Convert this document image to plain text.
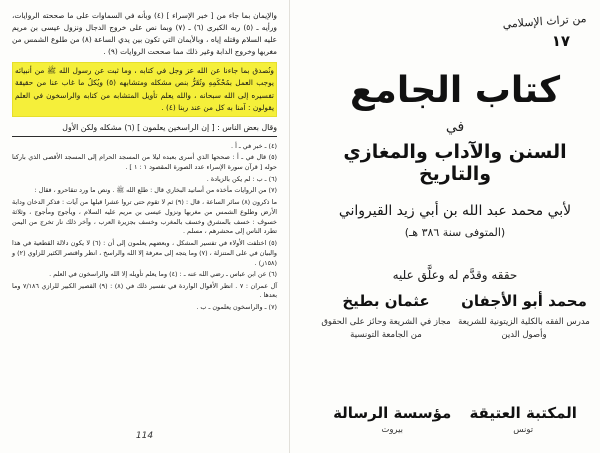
من تراث الإسلامي
١٧
كتاب الجامع
في
السنن والآداب والمغازي والتاريخ
لأبي محمد عبد الله بن أبي زيد القيرواني
(المتوفى سنة ٣٨٦ هـ)
حققه وقدَّم له وعلَّق عليه
محمد أبو الأجفان
مدرس الفقه بالكلية الزيتونية للشريعة وأصول الدين
عثمان بطيخ
مجاز في الشريعة وحائز على الحقوق من الجامعة التونسية
المكتبة العتيقة
تونس
مؤسسة الرسالة
بيروت

والإيمان بما جاء من [ خبر الإسراء ] (٤) وبأنه في السماوات على ما صححته الروايات، ورأيه ـ (٥) ربه الكبرى (٦) ـ (٧) وبما نص على خروج الدجال ونزول عيسى بن مريم عليه السلام وقتله إياه ، وبالأيمان التي تكون بين يدي الساعة (٨) من طلوع الشمس من مغربها وخروج الدابة وغير ذلك مما صححت الروايات (٩) .

ونُصدق بما جاءنا عن الله عز وجل في كتابه ، وما ثبت عن رسول الله ﷺ من أنبيائه يوجب العمل بمُحْكَمِهِ وتُقَرُّ بنص مشكله ومتشابهه (٥) ويُكلُ ما غاب عنا من حقيقة تفسيره إلى الله سبحانه ، والله يعلم تأويل المتشابه من كتابه والراسخون في العلم يقولون : آمنا به كل من عند ربنا (٤) .
وقال بعض الناس : [ إن الراسخين يعلمون ] (٦) مشكله ولكن الأول

(٤) ـ خبر في ـ أ .

(٥) قال في ـ أ : صححها الذي أسرى بعبده ليلا من المسجد الحرام إلى المسجد الأقصى الذي باركنا حوله [ قرآن سورة الإسراء عدد الصورة المقصود ١ : ١ ] .

(٦) ـ ب : لم يكن بالزيادة .

(٧) من الروايات مأخذه من أسانيد البخاري قال : طلع الله ﷺ . ونص ما ورد تنقاحرو ، فقال :

ما ذكرون (٨) سائر الساعة ، قال : (٩) ثم لا تقوم حتى تروا عشرا قبلها من آيات : فذكر الدخان ودابة الأرض وطلوع الشمس من مغربها ونزول عيسى بن مريم عليه السلام ، ويأجوج ومأجوج ، وثلاثة خسوف : خسف بالمشرق وخسف بالمغرب وخسف بجزيرة العرب ، وآخر ذلك نار تخرج من اليمن تطرد الناس إلى محشرهم ، مسلم .

(٥) اختلفت الأولاء في تفسير المشكل ، وبعضهم يعلمون إلى أن : (٦) لا يكون دلالة القطعية في هذا والبيان في على المتنزلة ، (٧) وما يتجه إلى معرفة إلا الله والراسخ ، انظر واقتصر الكثير للزاوي (٢) و (١٥٨ز) .

(٦) عن ابن عباس ـ رضي الله عنه ـ : (٤) وما يعلم تأويله إلا الله والراسخون في العلم .

آل عمران : ٧ . انظر الأقوال الواردة في تفسير ذلك في (٨) : (٩) القصير الكبير للرازي ٧/١٨٦ وما بعدها .

(٧) ـ والراسخون يعلمون ـ ب .

114
